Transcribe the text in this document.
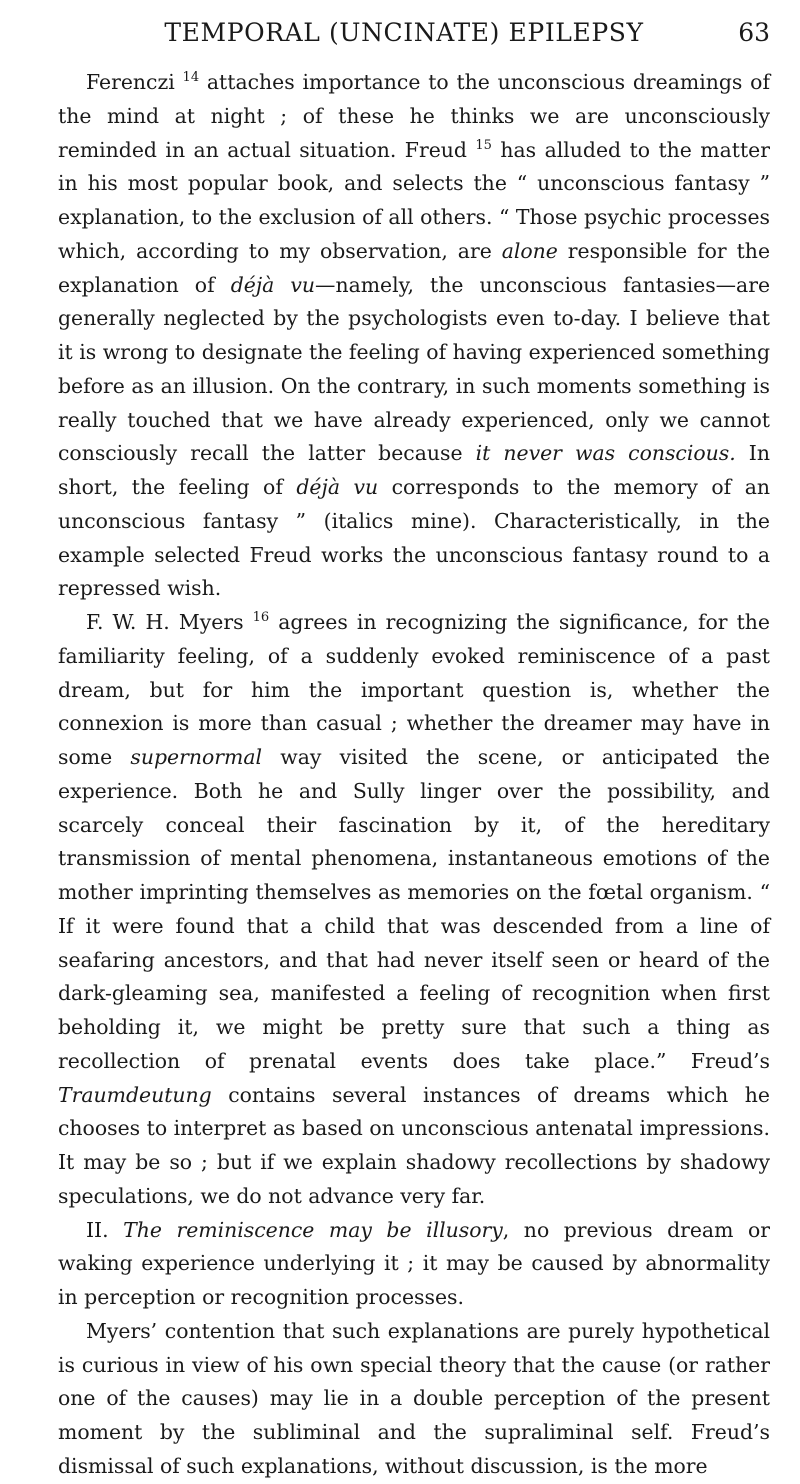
TEMPORAL (UNCINATE) EPILEPSY	63

Ferenczi $^{14}$ attaches importance to the unconscious dreamings of the mind at night ; of these he thinks we are unconsciously reminded in an actual situation. Freud $^{15}$ has alluded to the matter in his most popular book, and selects the “ unconscious fantasy ” explanation, to the exclusion of all others. “ Those psychic processes which, according to my observation, are alone responsible for the explanation of déjà vu—namely, the unconscious fantasies—are generally neglected by the psychologists even to-day. I believe that it is wrong to designate the feeling of having experienced something before as an illusion. On the contrary, in such moments something is really touched that we have already experienced, only we cannot consciously recall the latter because it never was conscious. In short, the feeling of déjà vu corresponds to the memory of an unconscious fantasy ” (italics mine). Characteristically, in the example selected Freud works the unconscious fantasy round to a repressed wish.

F. W. H. Myers $^{16}$ agrees in recognizing the significance, for the familiarity feeling, of a suddenly evoked reminiscence of a past dream, but for him the important question is, whether the connexion is more than casual ; whether the dreamer may have in some supernormal way visited the scene, or anticipated the experience. Both he and Sully linger over the possibility, and scarcely conceal their fascination by it, of the hereditary transmission of mental phenomena, instantaneous emotions of the mother imprinting themselves as memories on the fœtal organism. “ If it were found that a child that was descended from a line of seafaring ancestors, and that had never itself seen or heard of the dark-gleaming sea, manifested a feeling of recognition when first beholding it, we might be pretty sure that such a thing as recollection of prenatal events does take place.” Freud’s Traumdeutung contains several instances of dreams which he chooses to interpret as based on unconscious antenatal impressions. It may be so ; but if we explain shadowy recollections by shadowy speculations, we do not advance very far.

II. The reminiscence may be illusory, no previous dream or waking experience underlying it ; it may be caused by abnormality in perception or recognition processes.

Myers’ contention that such explanations are purely hypothetical is curious in view of his own special theory that the cause (or rather one of the causes) may lie in a double perception of the present moment by the subliminal and the supraliminal self. Freud’s dismissal of such explanations, without discussion, is the more
